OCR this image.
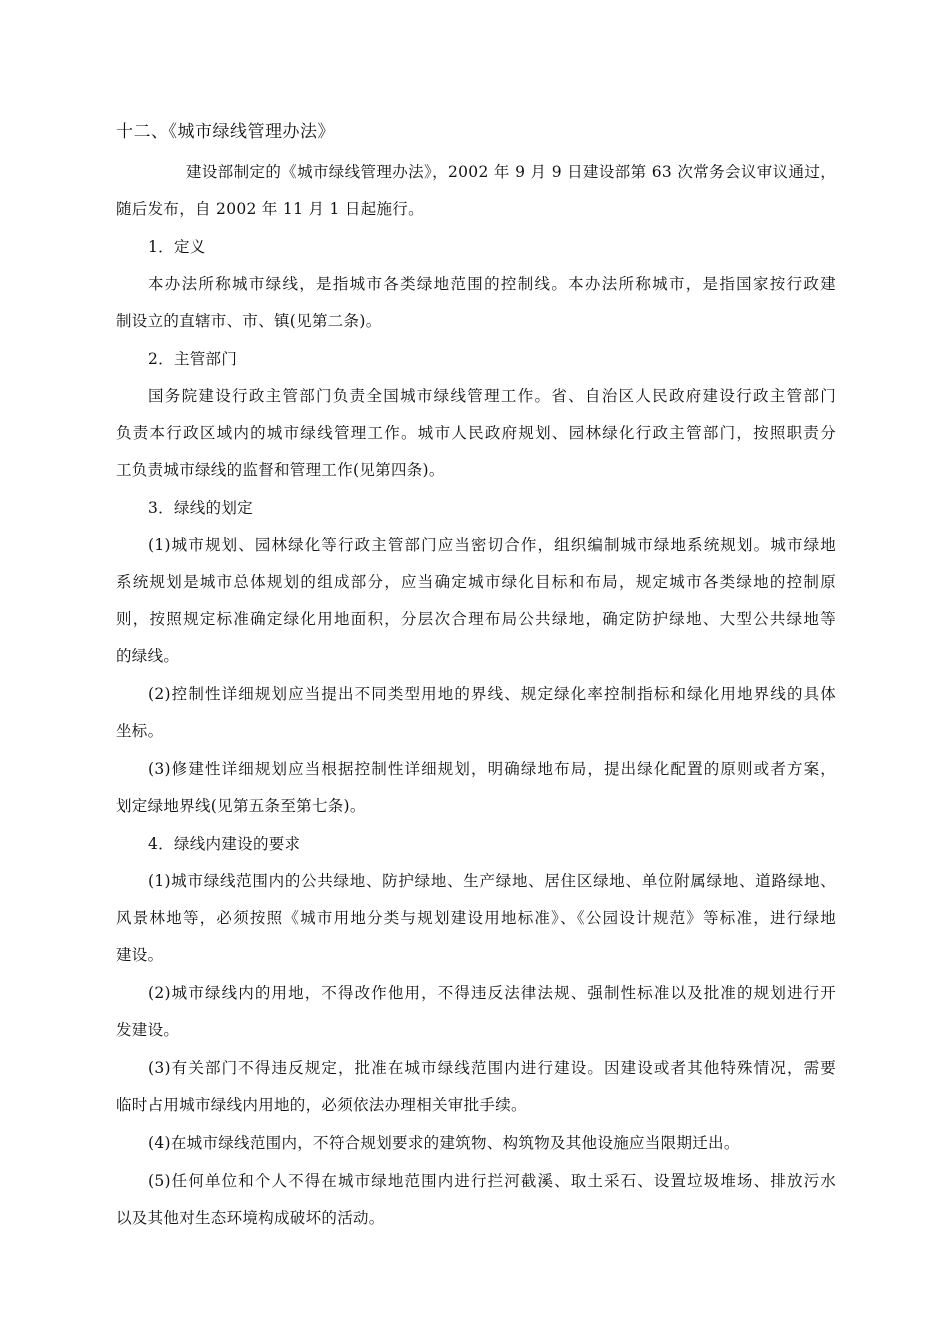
十二、《城市绿线管理办法》
建设部制定的《城市绿线管理办法》，2002 年 9 月 9 日建设部第 63 次常务会议审议通过，
随后发布，自 2002 年 11 月 1 日起施行。
1．定义
本办法所称城市绿线，是指城市各类绿地范围的控制线。本办法所称城市，是指国家按行政建
制设立的直辖市、市、镇(见第二条)。
2．主管部门
国务院建设行政主管部门负责全国城市绿线管理工作。省、自治区人民政府建设行政主管部门
负责本行政区域内的城市绿线管理工作。城市人民政府规划、园林绿化行政主管部门，按照职责分
工负责城市绿线的监督和管理工作(见第四条)。
3．绿线的划定
(1)城市规划、园林绿化等行政主管部门应当密切合作，组织编制城市绿地系统规划。城市绿地
系统规划是城市总体规划的组成部分，应当确定城市绿化目标和布局，规定城市各类绿地的控制原
则，按照规定标准确定绿化用地面积，分层次合理布局公共绿地，确定防护绿地、大型公共绿地等
的绿线。
(2)控制性详细规划应当提出不同类型用地的界线、规定绿化率控制指标和绿化用地界线的具体
坐标。
(3)修建性详细规划应当根据控制性详细规划，明确绿地布局，提出绿化配置的原则或者方案，
划定绿地界线(见第五条至第七条)。
4．绿线内建设的要求
(1)城市绿线范围内的公共绿地、防护绿地、生产绿地、居住区绿地、单位附属绿地、道路绿地、
风景林地等，必须按照《城市用地分类与规划建设用地标准》、《公园设计规范》等标准，进行绿地
建设。
(2)城市绿线内的用地，不得改作他用，不得违反法律法规、强制性标准以及批准的规划进行开
发建设。
(3)有关部门不得违反规定，批准在城市绿线范围内进行建设。因建设或者其他特殊情况，需要
临时占用城市绿线内用地的，必须依法办理相关审批手续。
(4)在城市绿线范围内，不符合规划要求的建筑物、构筑物及其他设施应当限期迁出。
(5)任何单位和个人不得在城市绿地范围内进行拦河截溪、取土采石、设置垃圾堆场、排放污水
以及其他对生态环境构成破坏的活动。
